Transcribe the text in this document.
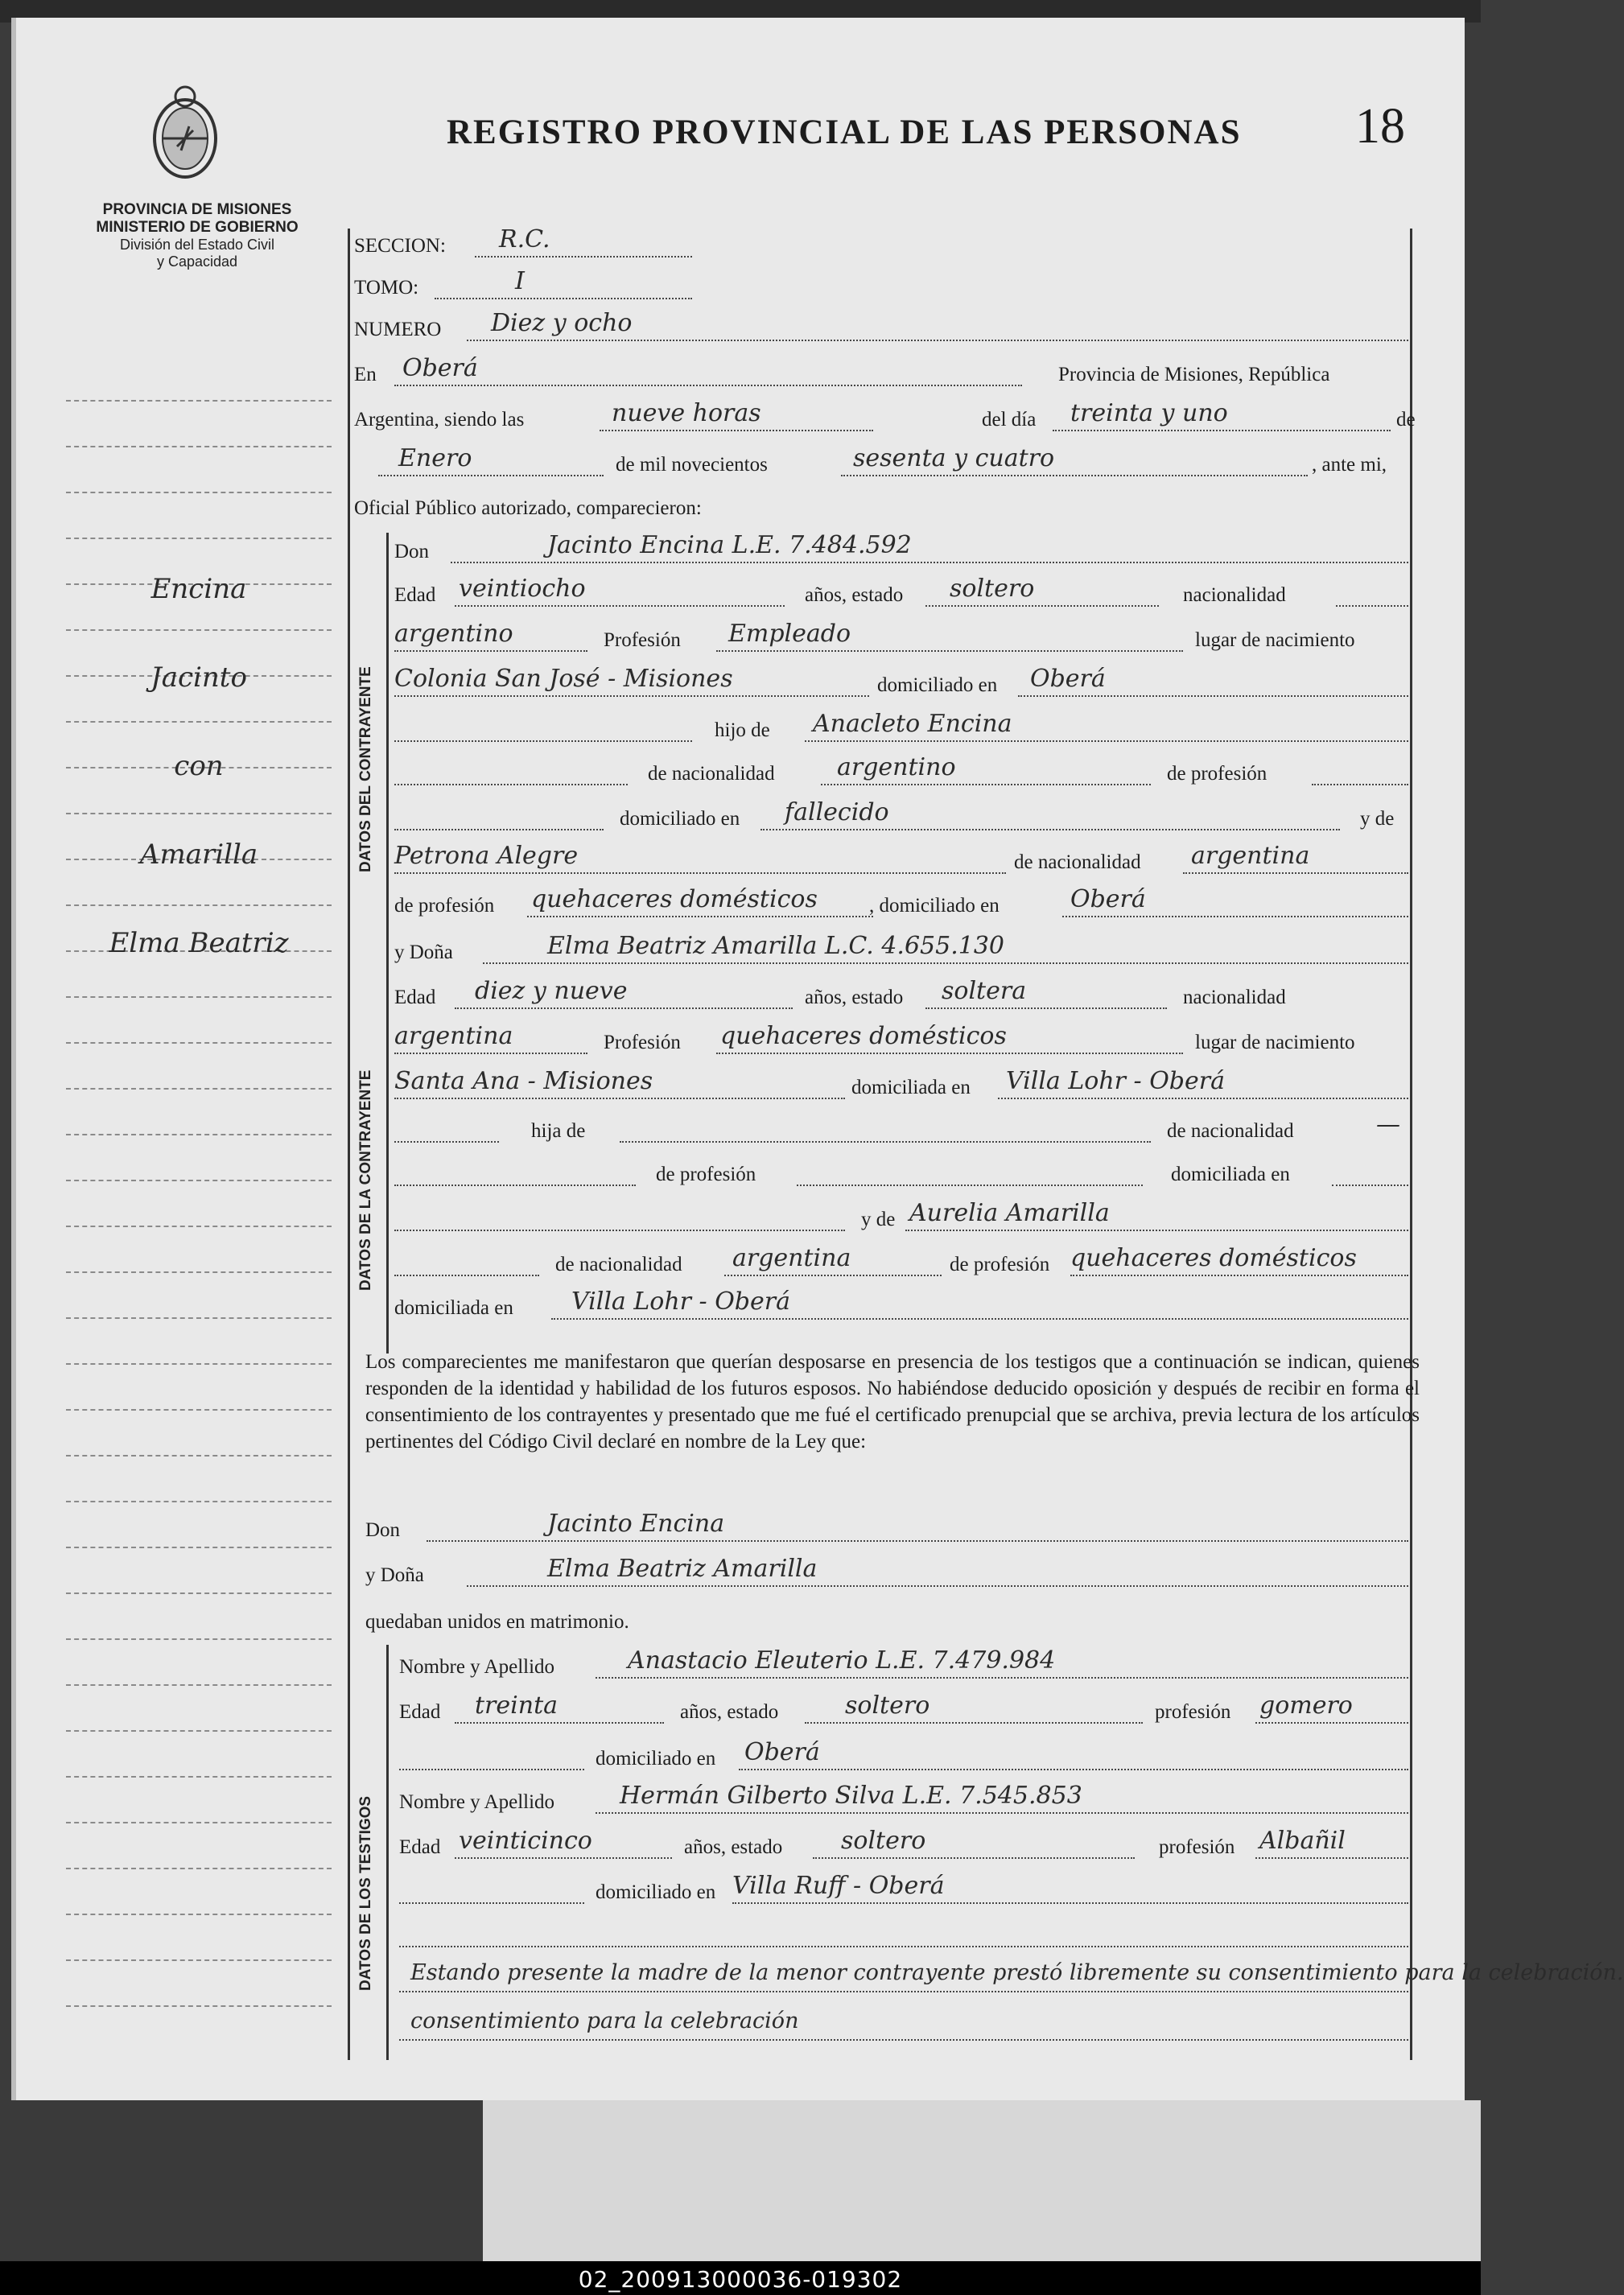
REGISTRO PROVINCIAL DE LAS PERSONAS 18
PROVINCIA DE MISIONES
MINISTERIO DE GOBIERNO
División del Estado Civil
y Capacidad
Encina
Jacinto
con
Amarilla
Elma Beatriz
SECCION: R.C.
TOMO:	I
NUMERO Diez y ocho
En Oberá	Provincia de Misiones, República
Argentina, siendo las	nueve horas	del día treinta y uno	de
Enero	de mil novecientos	sesenta y cuatro	, ante mi,
Oficial Público autorizado, comparecieron:
DATOS DEL CONTRAYENTE
Don	Jacinto Encina L.E. 7.484.592
Edad veintiocho	años, estado soltero	nacionalidad
argentino	Profesión Empleado	lugar de nacimiento
Colonia San José - Misiones	domiciliado en Oberá
hijo de Anacleto Encina
de nacionalidad	argentino	de profesión
domiciliado en fallecido	y de
Petrona Alegre	de nacionalidad argentina
de profesión quehaceres domésticos	, domiciliado en	Oberá
DATOS DE LA CONTRAYENTE
y Doña	Elma Beatriz Amarilla L.C. 4.655.130
Edad diez y nueve	años, estado soltera	nacionalidad
argentina	Profesión quehaceres domésticos	lugar de nacimiento
Santa Ana - Misiones	domiciliada en Villa Lohr - Oberá
hija de	de nacionalidad	—
de profesión	domiciliada en
y de Aurelia Amarilla
de nacionalidad argentina	de profesión quehaceres domésticos
domiciliada en Villa Lohr - Oberá
Los comparecientes me manifestaron que querían desposarse en presencia de los testigos que a continuación se indican, quienes responden de la identidad y habilidad de los futuros esposos. No habiéndose deducido oposición y después de recibir en forma el consentimiento de los contrayentes y presentado que me fué el certificado prenupcial que se archiva, previa lectura de los artículos pertinentes del Código Civil declaré en nombre de la Ley que:
Don	Jacinto Encina
y Doña	Elma Beatriz Amarilla
quedaban unidos en matrimonio.
DATOS DE LOS TESTIGOS
Nombre y Apellido	Anastacio Eleuterio L.E. 7.479.984
Edad treinta	años, estado	soltero	profesión gomero
domiciliado en Oberá
Nombre y Apellido	Hermán Gilberto Silva L.E. 7.545.853
Edad veinticinco	años, estado soltero	profesión Albañil
domiciliado en Villa Ruff - Oberá
Estando presente la madre de la menor contrayente prestó libremente su consentimiento para la celebración.
consentimiento para la celebración
02_200913000036-019302
